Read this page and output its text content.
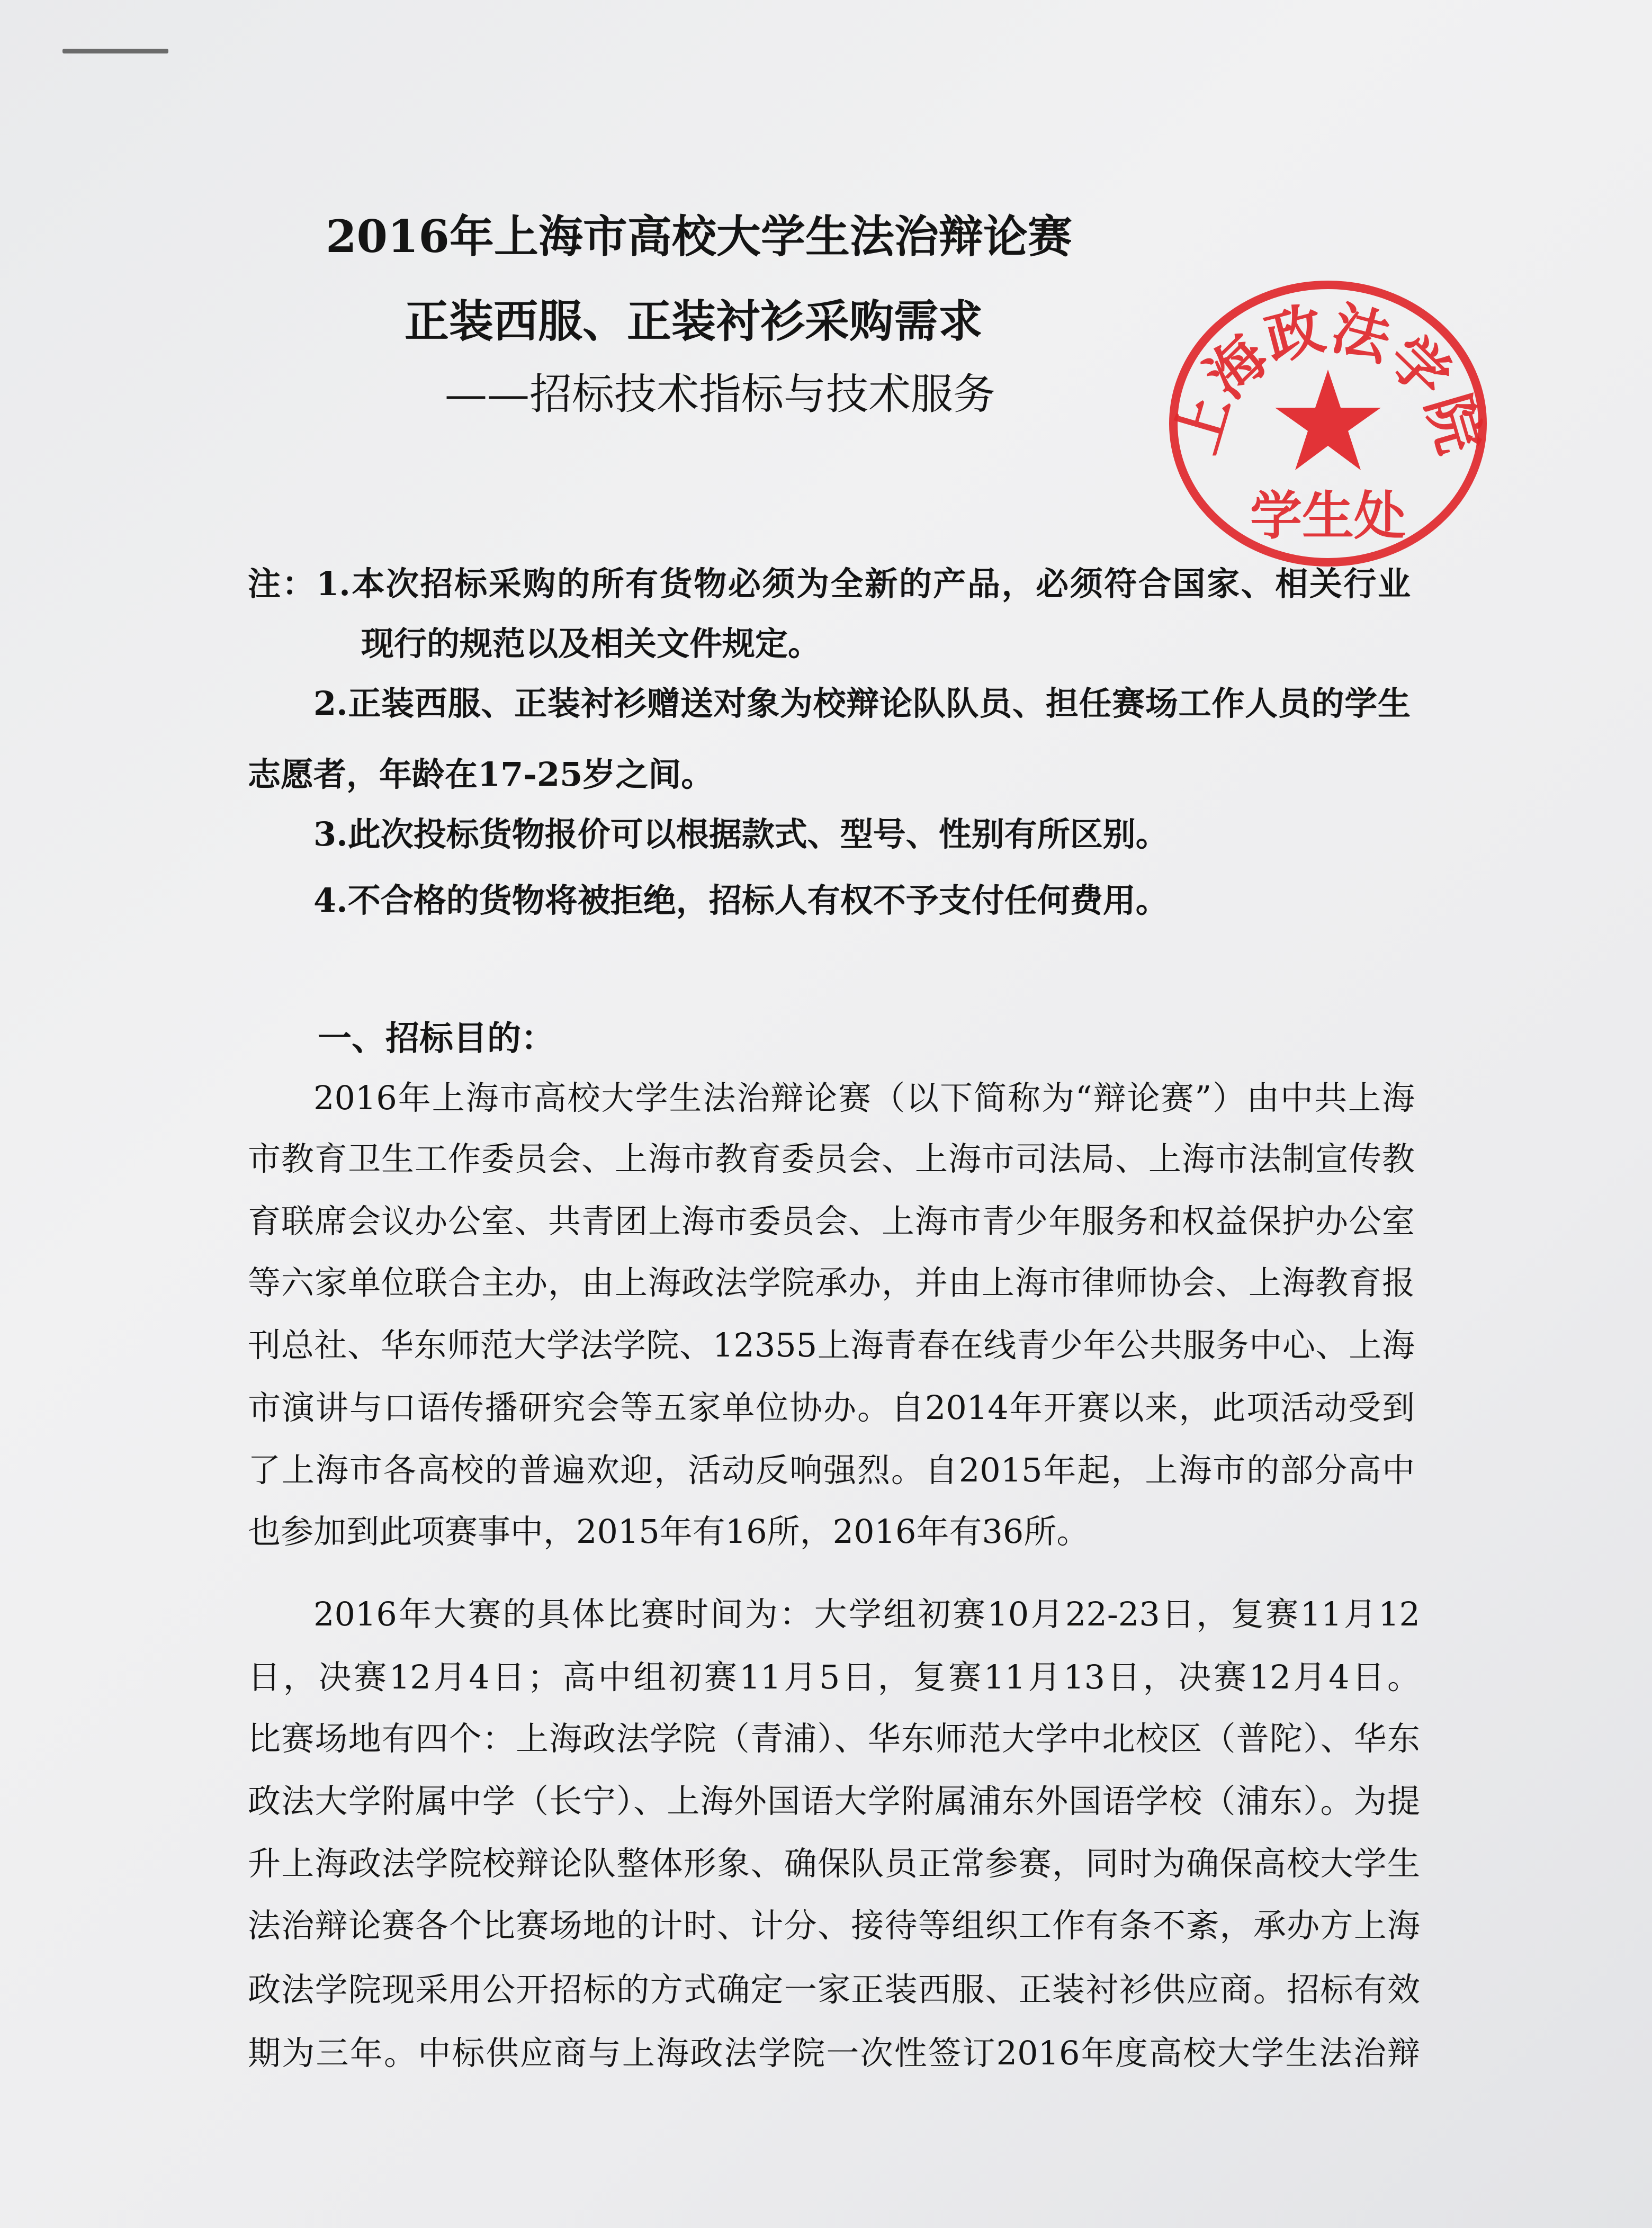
2016年上海市高校大学生法治辩论赛
正装西服、正装衬衫采购需求
——招标技术指标与技术服务	上海政法学院
学生处
注：1.本次招标采购的所有货物必须为全新的产品，必须符合国家、相关行业
现行的规范以及相关文件规定。
2.正装西服、正装衬衫赠送对象为校辩论队队员、担任赛场工作人员的学生
志愿者，年龄在17-25岁之间。
3.此次投标货物报价可以根据款式、型号、性别有所区别。
4.不合格的货物将被拒绝，招标人有权不予支付任何费用。
一、招标目的：
2016年上海市高校大学生法治辩论赛（以下简称为“辩论赛”）由中共上海
市教育卫生工作委员会、上海市教育委员会、上海市司法局、上海市法制宣传教
育联席会议办公室、共青团上海市委员会、上海市青少年服务和权益保护办公室
等六家单位联合主办，由上海政法学院承办，并由上海市律师协会、上海教育报
刊总社、华东师范大学法学院、12355上海青春在线青少年公共服务中心、上海
市演讲与口语传播研究会等五家单位协办。自2014年开赛以来，此项活动受到
了上海市各高校的普遍欢迎，活动反响强烈。自2015年起，上海市的部分高中
也参加到此项赛事中，2015年有16所，2016年有36所。
2016年大赛的具体比赛时间为：大学组初赛10月22-23日，复赛11月12
日，决赛12月4日；高中组初赛11月5日，复赛11月13日，决赛12月4日。
比赛场地有四个：上海政法学院（青浦）、华东师范大学中北校区（普陀）、华东
政法大学附属中学（长宁）、上海外国语大学附属浦东外国语学校（浦东）。为提
升上海政法学院校辩论队整体形象、确保队员正常参赛，同时为确保高校大学生
法治辩论赛各个比赛场地的计时、计分、接待等组织工作有条不紊，承办方上海
政法学院现采用公开招标的方式确定一家正装西服、正装衬衫供应商。招标有效
期为三年。中标供应商与上海政法学院一次性签订2016年度高校大学生法治辩
